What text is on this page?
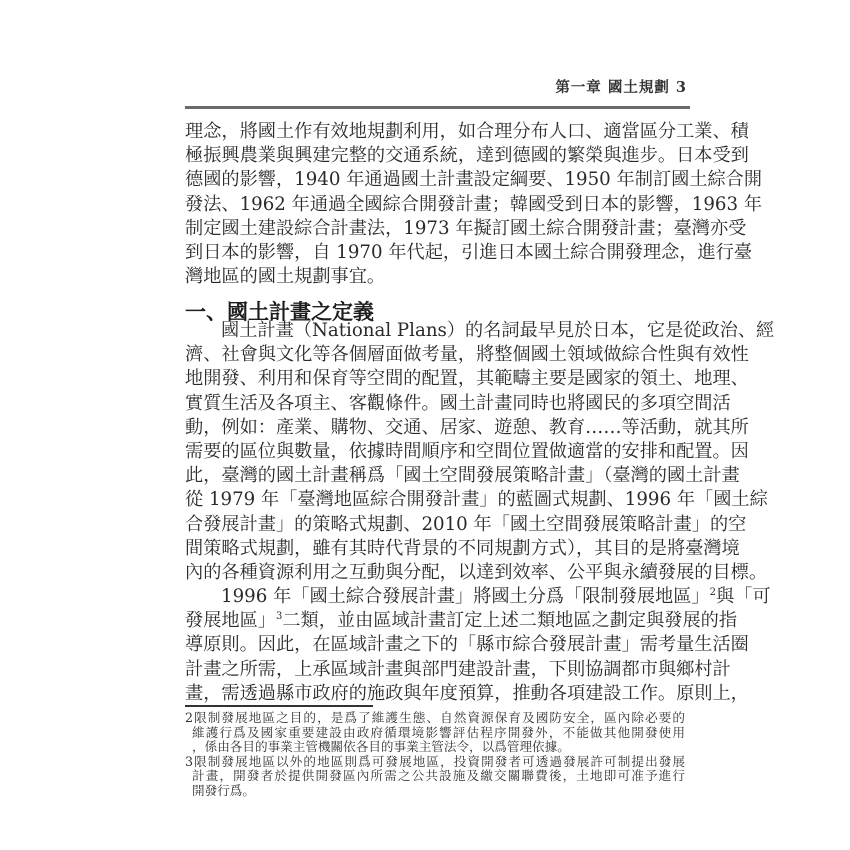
第一章 國土規劃 3
理念，將國土作有效地規劃利用，如合理分布人口、適當區分工業、積
極振興農業與興建完整的交通系統，達到德國的繁榮與進步。日本受到
德國的影響，1940 年通過國土計畫設定綱要、1950 年制訂國土綜合開
發法、1962 年通過全國綜合開發計畫；韓國受到日本的影響，1963 年
制定國土建設綜合計畫法，1973 年擬訂國土綜合開發計畫；臺灣亦受
到日本的影響，自 1970 年代起，引進日本國土綜合開發理念，進行臺
灣地區的國土規劃事宜。
一、國土計畫之定義
國土計畫（National Plans）的名詞最早見於日本，它是從政治、經
濟、社會與文化等各個層面做考量，將整個國土領域做綜合性與有效性
地開發、利用和保育等空間的配置，其範疇主要是國家的領土、地理、
實質生活及各項主、客觀條件。國土計畫同時也將國民的多項空間活
動，例如：產業、購物、交通、居家、遊憩、教育……等活動，就其所
需要的區位與數量，依據時間順序和空間位置做適當的安排和配置。因
此，臺灣的國土計畫稱爲「國土空間發展策略計畫」（臺灣的國土計畫
從 1979 年「臺灣地區綜合開發計畫」的藍圖式規劃、1996 年「國土綜
合發展計畫」的策略式規劃、2010 年「國土空間發展策略計畫」的空
間策略式規劃，雖有其時代背景的不同規劃方式），其目的是將臺灣境
內的各種資源利用之互動與分配，以達到效率、公平與永續發展的目標。
1996 年「國土綜合發展計畫」將國土分爲「限制發展地區」$^2$與「可
發展地區」$^3$二類，並由區域計畫訂定上述二類地區之劃定與發展的指
導原則。因此，在區域計畫之下的「縣市綜合發展計畫」需考量生活圈
計畫之所需，上承區域計畫與部門建設計畫，下則協調都市與鄉村計
畫，需透過縣市政府的施政與年度預算，推動各項建設工作。原則上，
2限制發展地區之目的，是爲了維護生態、自然資源保育及國防安全，區內除必要的
維護行爲及國家重要建設由政府循環境影響評估程序開發外，不能做其他開發使用
，係由各目的事業主管機關依各目的事業主管法令，以爲管理依據。
3限制發展地區以外的地區則爲可發展地區，投資開發者可透過發展許可制提出發展
計畫，開發者於提供開發區內所需之公共設施及繳交關聯費後，土地即可准予進行
開發行爲。
